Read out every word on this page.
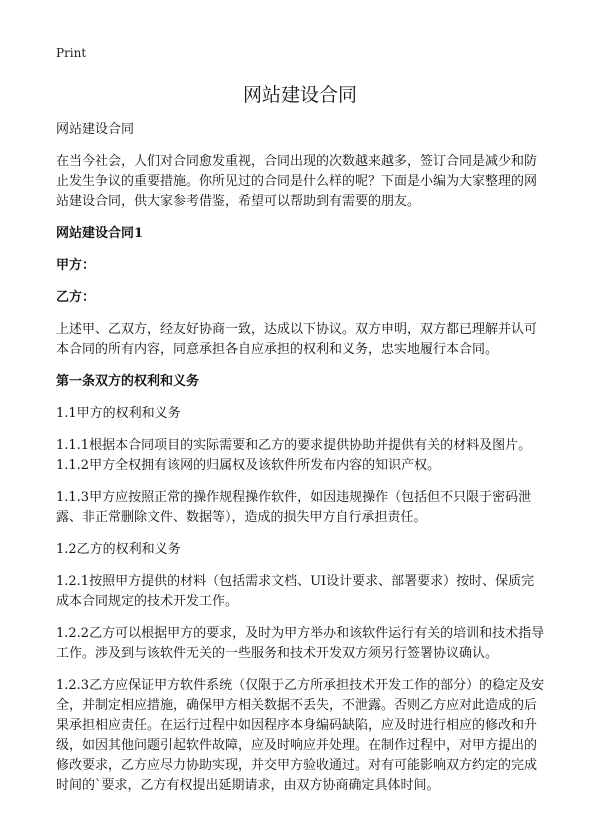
Print
网站建设合同

网站建设合同

在当今社会，人们对合同愈发重视，合同出现的次数越来越多，签订合同是减少和防止发生争议的重要措施。你所见过的合同是什么样的呢？下面是小编为大家整理的网站建设合同，供大家参考借鉴，希望可以帮助到有需要的朋友。

网站建设合同1

甲方：

乙方：

上述甲、乙双方，经友好协商一致，达成以下协议。双方申明，双方都已理解并认可本合同的所有内容，同意承担各自应承担的权利和义务，忠实地履行本合同。

第一条双方的权利和义务

1.1甲方的权利和义务

1.1.1根据本合同项目的实际需要和乙方的要求提供协助并提供有关的材料及图片。

1.1.2甲方全权拥有该网的归属权及该软件所发布内容的知识产权。

1.1.3甲方应按照正常的操作规程操作软件，如因违规操作（包括但不只限于密码泄露、非正常删除文件、数据等），造成的损失甲方自行承担责任。

1.2乙方的权利和义务

1.2.1按照甲方提供的材料（包括需求文档、UI设计要求、部署要求）按时、保质完成本合同规定的技术开发工作。

1.2.2乙方可以根据甲方的要求，及时为甲方举办和该软件运行有关的培训和技术指导工作。涉及到与该软件无关的一些服务和技术开发双方须另行签署协议确认。

1.2.3乙方应保证甲方软件系统（仅限于乙方所承担技术开发工作的部分）的稳定及安全，并制定相应措施，确保甲方相关数据不丢失，不泄露。否则乙方应对此造成的后果承担相应责任。在运行过程中如因程序本身编码缺陷，应及时进行相应的修改和升级，如因其他问题引起软件故障，应及时响应并处理。在制作过程中，对甲方提出的修改要求，乙方应尽力协助实现，并交甲方验收通过。对有可能影响双方约定的完成时间的`要求，乙方有权提出延期请求，由双方协商确定具体时间。
